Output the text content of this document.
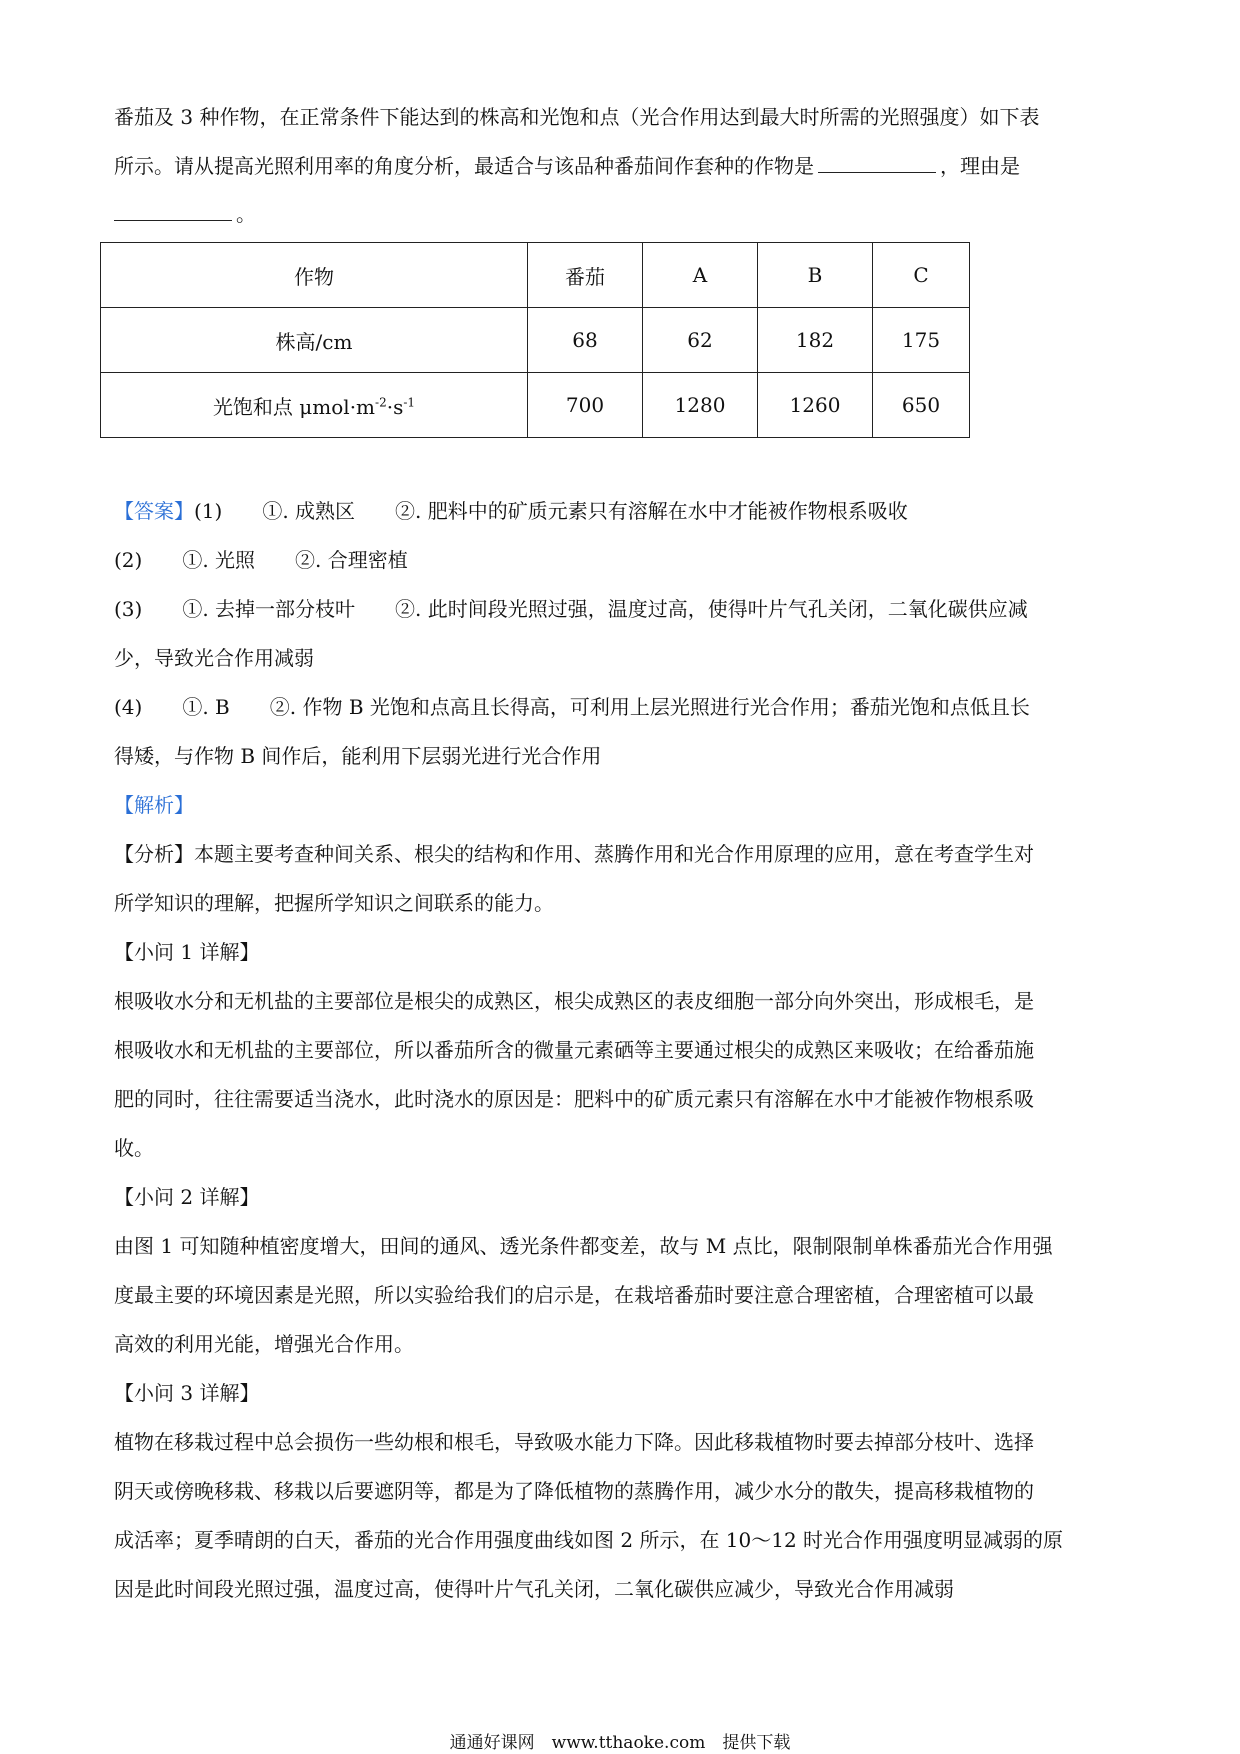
番茄及 3 种作物，在正常条件下能达到的株高和光饱和点（光合作用达到最大时所需的光照强度）如下表
所示。请从提高光照利用率的角度分析，最适合与该品种番茄间作套种的作物是	，理由是
。
作物	番茄	A	B	C
株高/cm	68	62	182	175
光饱和点 $\mu mol\cdot m^{-2}\cdot s^{-1}$	700	1280	1260	650
【答案】(1)　　①. 成熟区　　②. 肥料中的矿质元素只有溶解在水中才能被作物根系吸收
(2)　　①. 光照　　②. 合理密植
(3)　　①. 去掉一部分枝叶　　②. 此时间段光照过强，温度过高，使得叶片气孔关闭，二氧化碳供应减
少，导致光合作用减弱
(4)　　①. B　　②. 作物 B 光饱和点高且长得高，可利用上层光照进行光合作用；番茄光饱和点低且长
得矮，与作物 B 间作后，能利用下层弱光进行光合作用
【解析】
【分析】本题主要考查种间关系、根尖的结构和作用、蒸腾作用和光合作用原理的应用，意在考查学生对
所学知识的理解，把握所学知识之间联系的能力。
【小问 1 详解】
根吸收水分和无机盐的主要部位是根尖的成熟区，根尖成熟区的表皮细胞一部分向外突出，形成根毛，是
根吸收水和无机盐的主要部位，所以番茄所含的微量元素硒等主要通过根尖的成熟区来吸收；在给番茄施
肥的同时，往往需要适当浇水，此时浇水的原因是：肥料中的矿质元素只有溶解在水中才能被作物根系吸
收。
【小问 2 详解】
由图 1 可知随种植密度增大，田间的通风、透光条件都变差，故与 M 点比，限制限制单株番茄光合作用强
度最主要的环境因素是光照，所以实验给我们的启示是，在栽培番茄时要注意合理密植，合理密植可以最
高效的利用光能，增强光合作用。
【小问 3 详解】
植物在移栽过程中总会损伤一些幼根和根毛，导致吸水能力下降。因此移栽植物时要去掉部分枝叶、选择
阴天或傍晚移栽、移栽以后要遮阴等，都是为了降低植物的蒸腾作用，减少水分的散失，提高移栽植物的
成活率；夏季晴朗的白天，番茄的光合作用强度曲线如图 2 所示，在 10～12 时光合作用强度明显减弱的原
因是此时间段光照过强，温度过高，使得叶片气孔关闭，二氧化碳供应减少，导致光合作用减弱
通通好课网　www.tthaoke.com　提供下载
